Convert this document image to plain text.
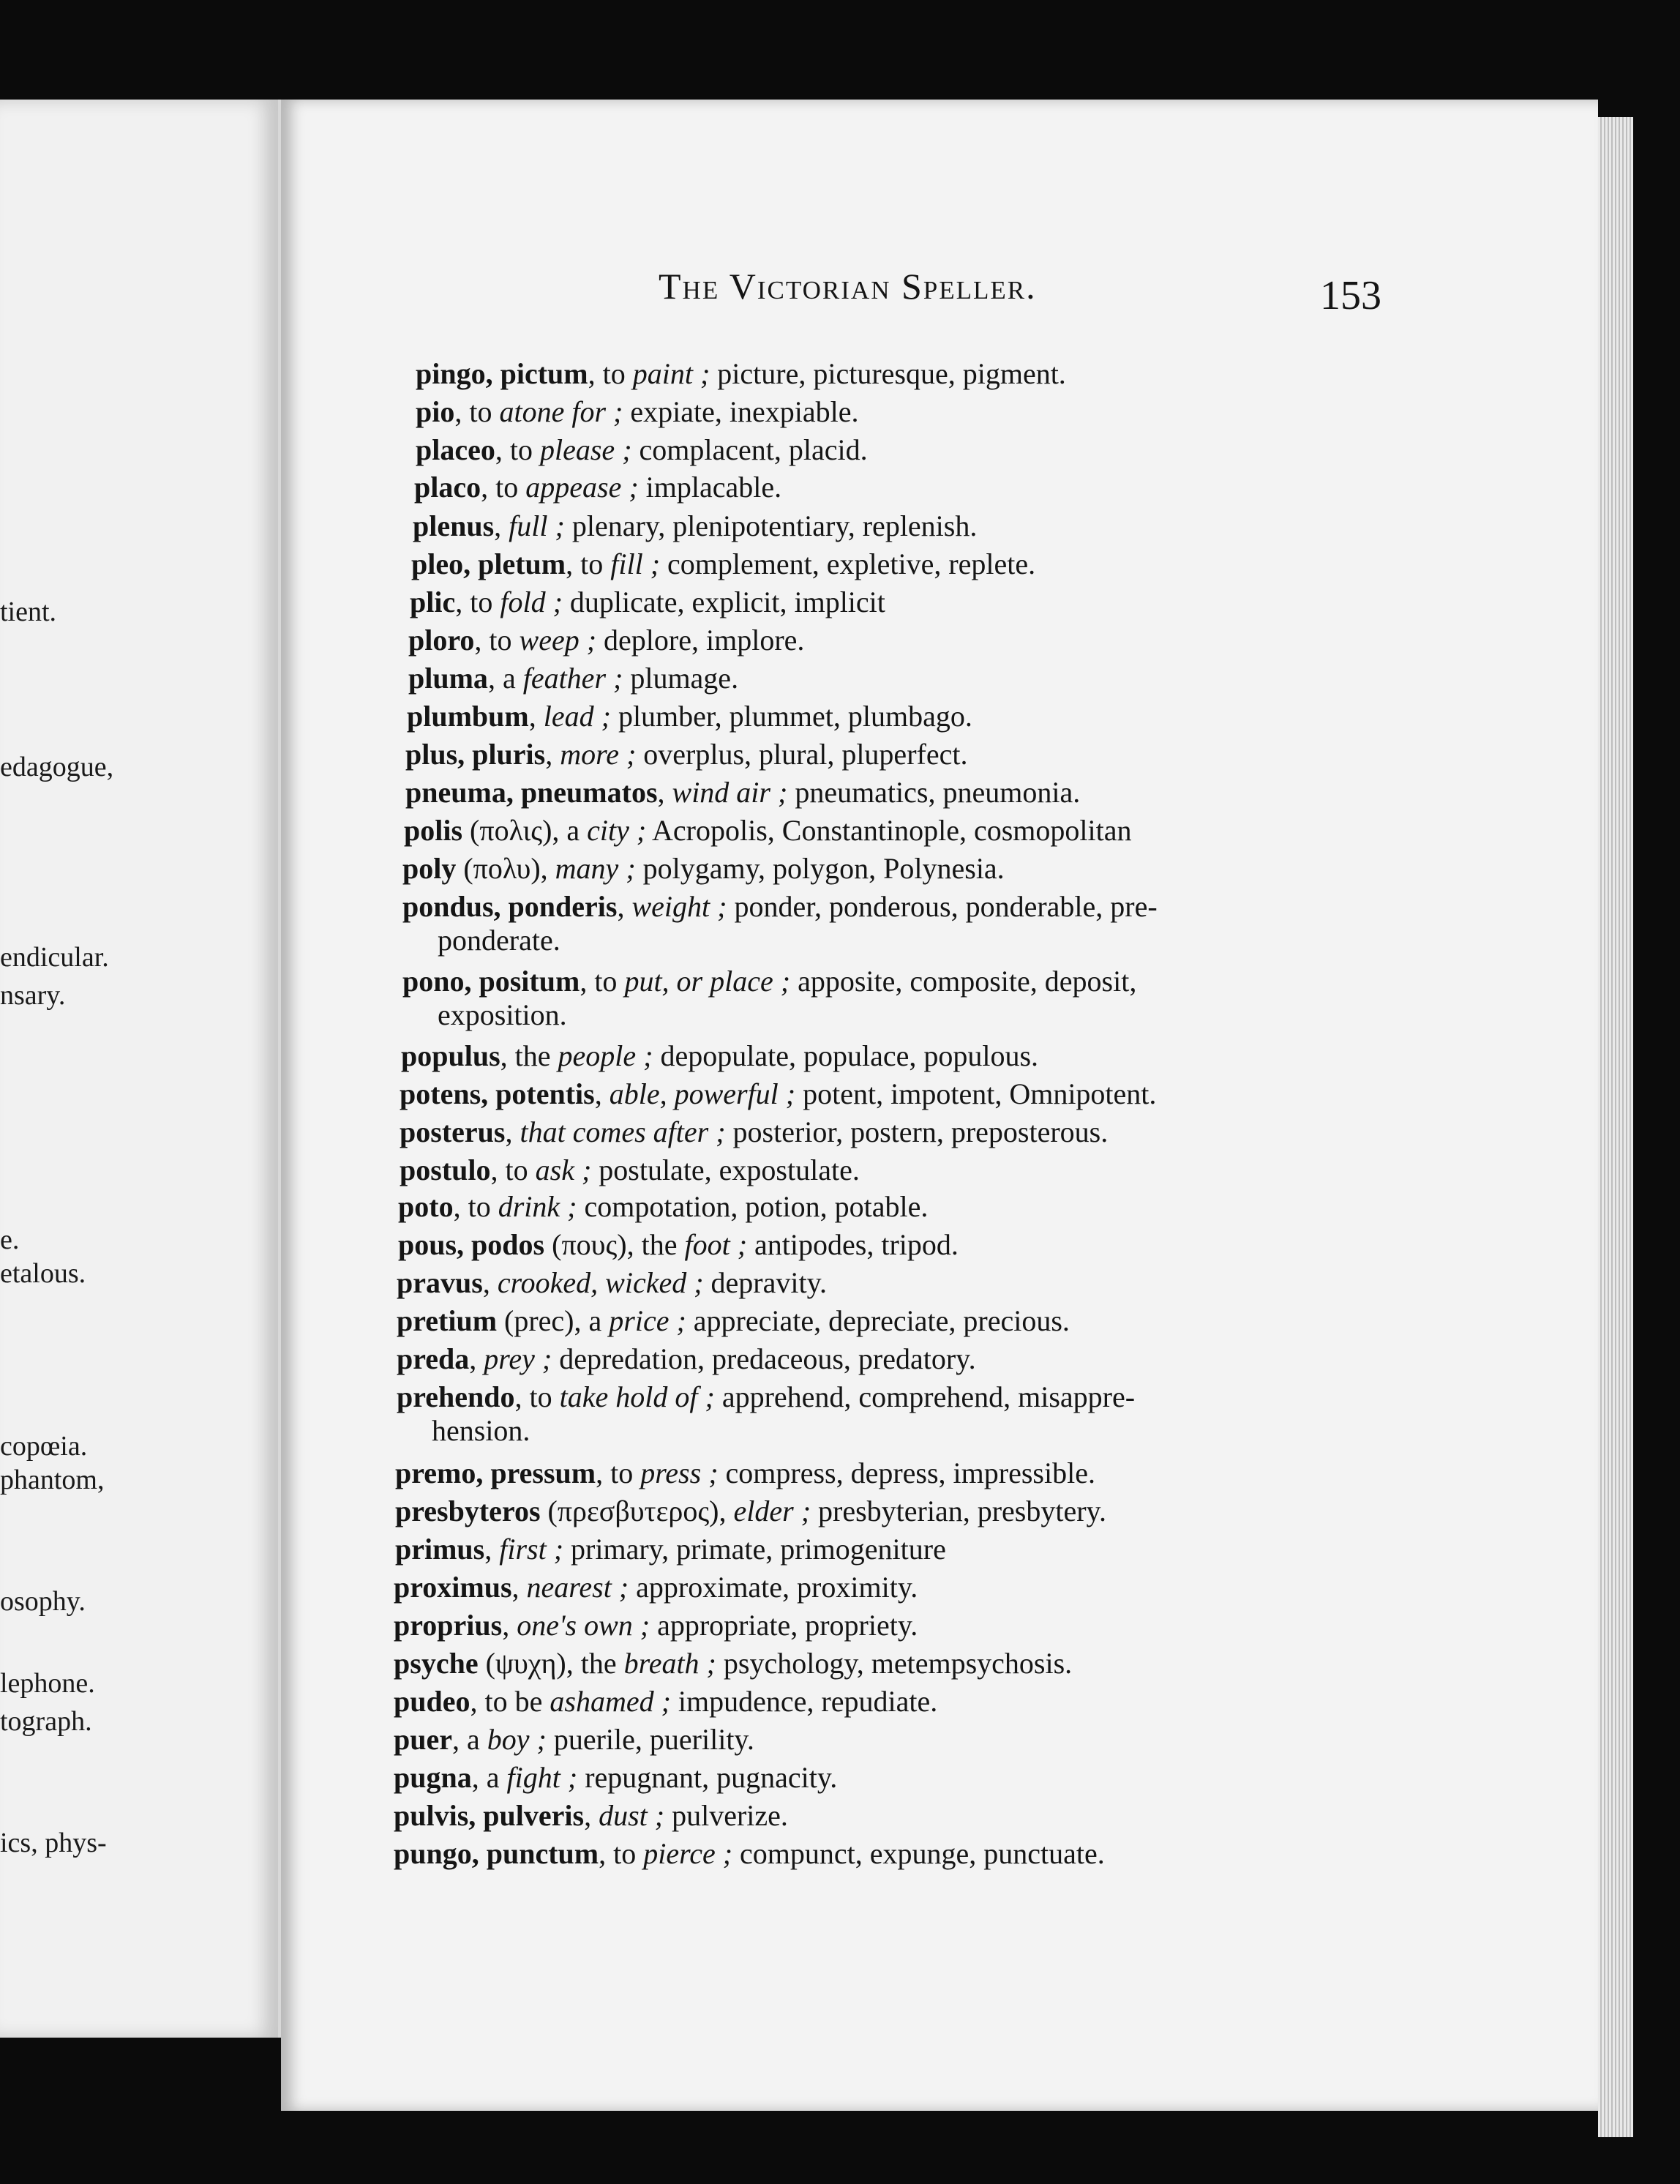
tient.
edagogue,
endicular.
nsary.
e.
etalous.
copœia.
phantom,
osophy.
lephone.
tograph.
ics, phys-
The Victorian Speller.	153
pingo, pictum, to paint ; picture, picturesque, pigment.
pio, to atone for ; expiate, inexpiable.
placeo, to please ; complacent, placid.
placo, to appease ; implacable.
plenus, full ; plenary, plenipotentiary, replenish.
pleo, pletum, to fill ; complement, expletive, replete.
plic, to fold ; duplicate, explicit, implicit
ploro, to weep ; deplore, implore.
pluma, a feather ; plumage.
plumbum, lead ; plumber, plummet, plumbago.
plus, pluris, more ; overplus, plural, pluperfect.
pneuma, pneumatos, wind air ; pneumatics, pneumonia.
polis (πολις), a city ; Acropolis, Constantinople, cosmopolitan
poly (πολυ), many ; polygamy, polygon, Polynesia.
pondus, ponderis, weight ; ponder, ponderous, ponderable, pre-
ponderate.
pono, positum, to put, or place ; apposite, composite, deposit,
exposition.
populus, the people ; depopulate, populace, populous.
potens, potentis, able, powerful ; potent, impotent, Omnipotent.
posterus, that comes after ; posterior, postern, preposterous.
postulo, to ask ; postulate, expostulate.
poto, to drink ; compotation, potion, potable.
pous, podos (πους), the foot ; antipodes, tripod.
pravus, crooked, wicked ; depravity.
pretium (prec), a price ; appreciate, depreciate, precious.
preda, prey ; depredation, predaceous, predatory.
prehendo, to take hold of ; apprehend, comprehend, misappre-
hension.
premo, pressum, to press ; compress, depress, impressible.
presbyteros (πρεσβυτερος), elder ; presbyterian, presbytery.
primus, first ; primary, primate, primogeniture
proximus, nearest ; approximate, proximity.
proprius, one's own ; appropriate, propriety.
psyche (ψυχη), the breath ; psychology, metempsychosis.
pudeo, to be ashamed ; impudence, repudiate.
puer, a boy ; puerile, puerility.
pugna, a fight ; repugnant, pugnacity.
pulvis, pulveris, dust ; pulverize.
pungo, punctum, to pierce ; compunct, expunge, punctuate.
